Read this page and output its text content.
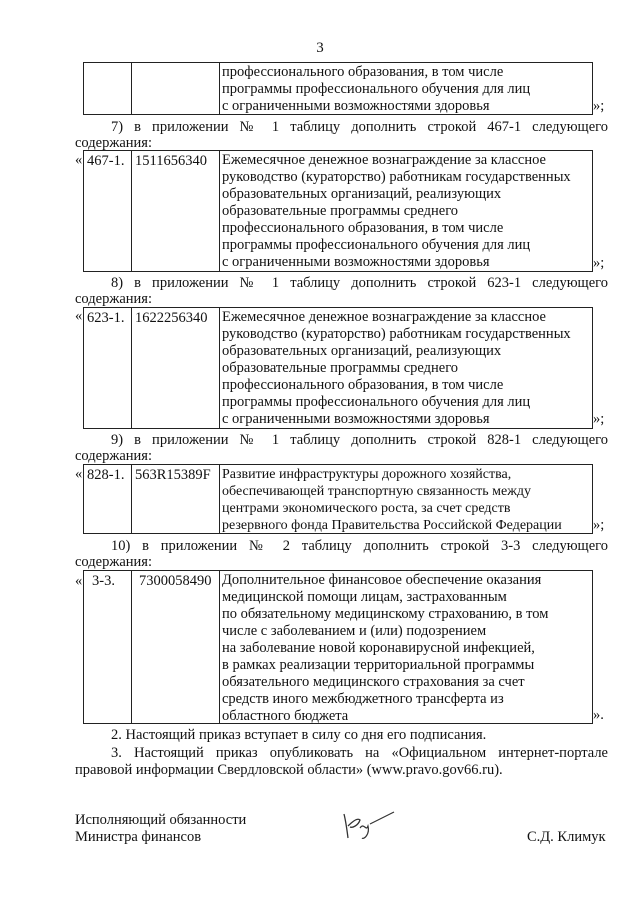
3
профессионального образования, в том числе
программы профессионального обучения для лиц
с ограниченными возможностями здоровья	»;
7) в приложении № 1 таблицу дополнить строкой 467-1 следующего
содержания:
« 467-1. 1511656340	Ежемесячное денежное вознаграждение за классное
руководство (кураторство) работникам государственных
образовательных организаций, реализующих
образовательные программы среднего
профессионального образования, в том числе
программы профессионального обучения для лиц
с ограниченными возможностями здоровья	»;
8) в приложении № 1 таблицу дополнить строкой 623-1 следующего
содержания:
« 623-1. 1622256340	Ежемесячное денежное вознаграждение за классное
руководство (кураторство) работникам государственных
образовательных организаций, реализующих
образовательные программы среднего
профессионального образования, в том числе
программы профессионального обучения для лиц
с ограниченными возможностями здоровья	»;
9) в приложении № 1 таблицу дополнить строкой 828-1 следующего
содержания:
« 828-1. 563R15389F Развитие инфраструктуры дорожного хозяйства,
обеспечивающей транспортную связанность между
центрами экономического роста, за счет средств
резервного фонда Правительства Российской Федерации	»;
10) в приложении № 2 таблицу дополнить строкой 3-3 следующего
содержания:
« 3-3.	7300058490 Дополнительное финансовое обеспечение оказания
медицинской помощи лицам, застрахованным
по обязательному медицинскому страхованию, в том
числе с заболеванием и (или) подозрением
на заболевание новой коронавирусной инфекцией,
в рамках реализации территориальной программы
обязательного медицинского страхования за счет
средств иного межбюджетного трансферта из
областного бюджета	».
2. Настоящий приказ вступает в силу со дня его подписания.
3. Настоящий приказ опубликовать на «Официальном интернет-портале
правовой информации Свердловской области» (www.pravo.gov66.ru).
Исполняющий обязанности
Министра финансов	С.Д. Климук
